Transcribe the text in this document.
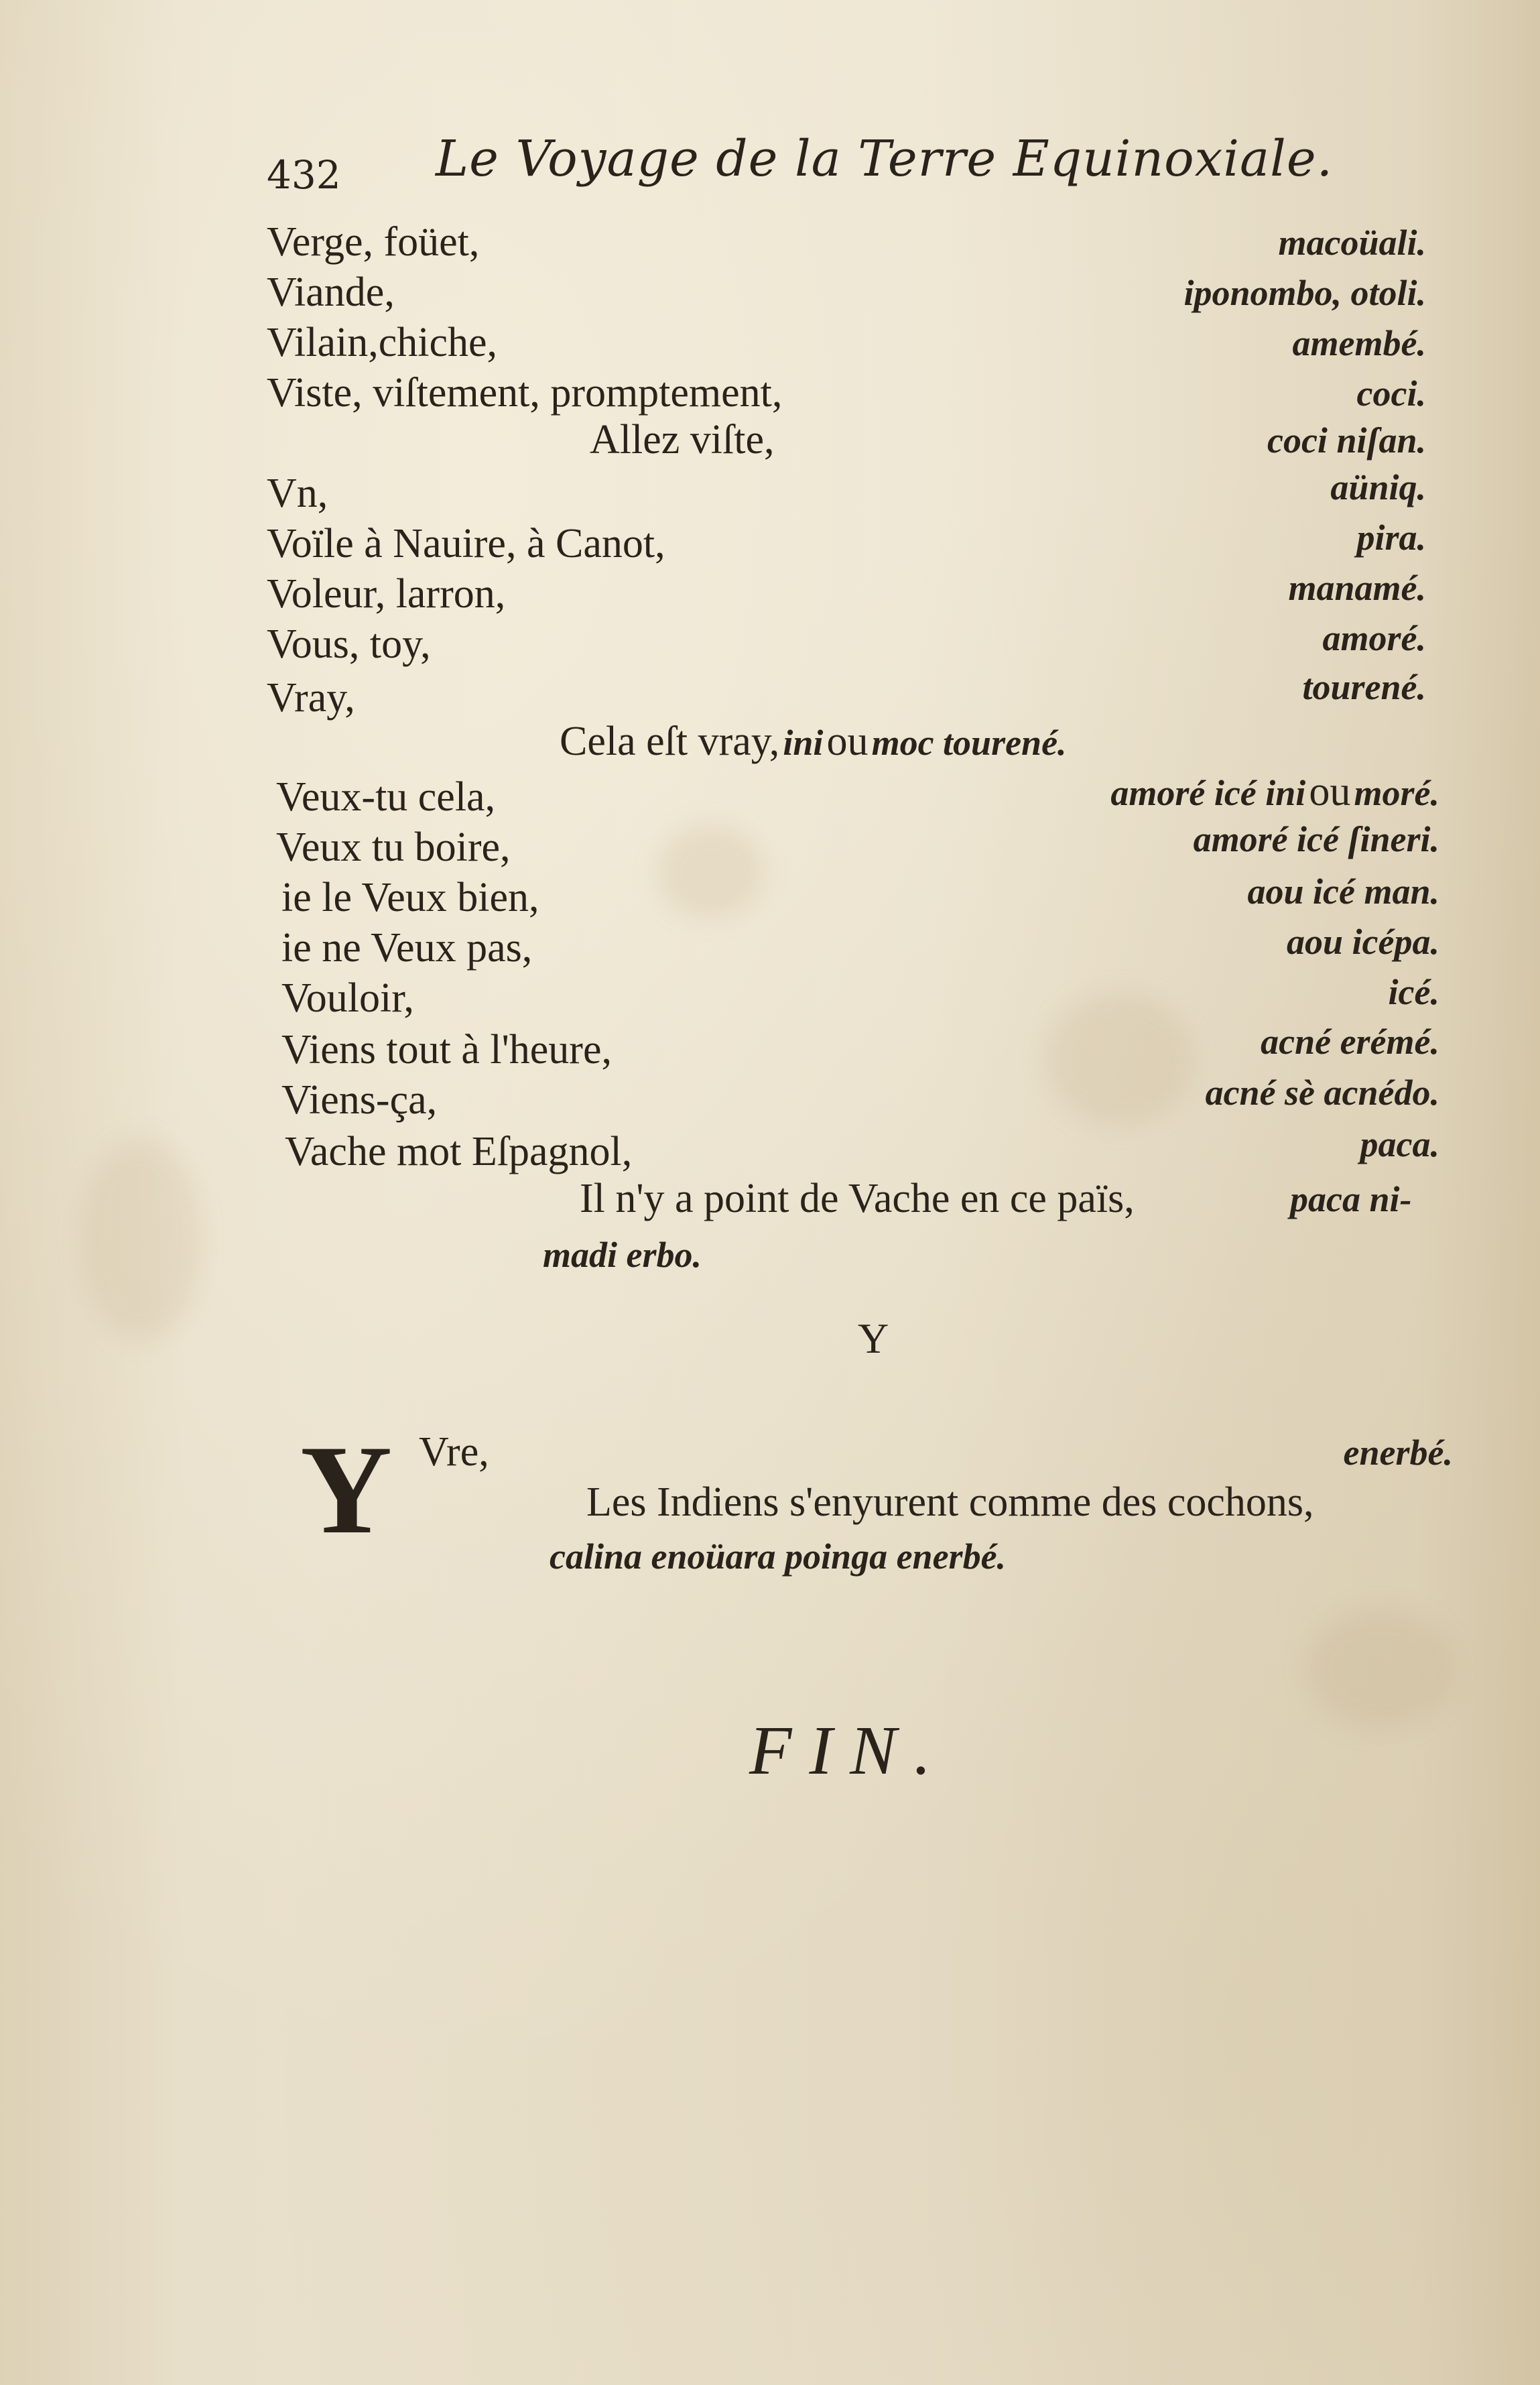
432 Le Voyage de la Terre Equinoxiale.
Verge, foüet,	macoüali.
Viande,	iponombo, otoli.
Vilain,chiche,	amembé.
Viste, viſtement, promptement,	coci.
Allez viſte,	coci niſan.
Vn,	aüniq.
Voïle à Nauire, à Canot,	pira.
Voleur, larron,	manamé.
Vous, toy,	amoré.
Vray,	tourené.
Cela eſt vray, ini ou moc tourené.
Veux-tu cela,	amoré icé ini ou moré.
Veux tu boire,	amoré icé ſineri.
ie le Veux bien,	aou icé man.
ie ne Veux pas,	aou icépa.
Vouloir,	icé.
Viens tout à l'heure,	acné erémé.
Viens-ça,	acné sè acnédo.
Vache mot Eſpagnol,	paca.
Il n'y a point de Vache en ce païs,	paca ni-
madi erbo.
Y
Y Vre,	enerbé.
Les Indiens s'enyurent comme des cochons,
calina enoüara poinga enerbé.
FIN.
